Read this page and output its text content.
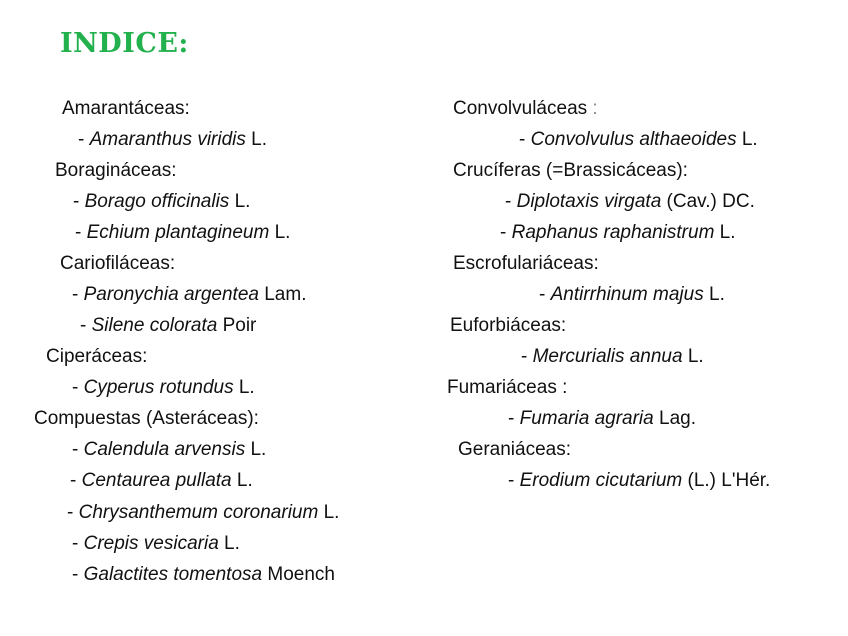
INDICE:
Amarantáceas:
- Amaranthus viridis L.
Boragináceas:
- Borago officinalis L.
- Echium plantagineum L.
Cariofiláceas:
- Paronychia argentea Lam.
- Silene colorata Poir
Ciperáceas:
- Cyperus rotundus L.
Compuestas (Asteráceas):
- Calendula arvensis L.
- Centaurea pullata L.
- Chrysanthemum coronarium L.
- Crepis vesicaria L.
- Galactites tomentosa Moench
Convolvuláceas :
- Convolvulus althaeoides L.
Crucíferas (=Brassicáceas):
- Diplotaxis virgata (Cav.) DC.
- Raphanus raphanistrum L.
Escrofulariáceas:
- Antirrhinum majus L.
Euforbiáceas:
- Mercurialis annua L.
Fumariáceas :
- Fumaria agraria Lag.
Geraniáceas:
- Erodium cicutarium (L.) L'Hér.
